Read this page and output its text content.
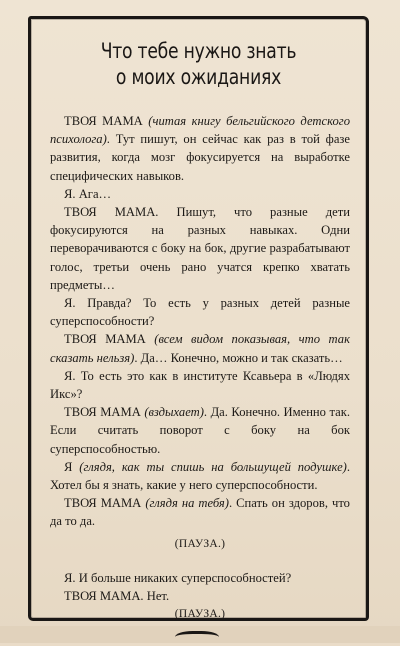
Что тебе нужно знать
о моих ожиданиях

ТВОЯ МАМА (читая книгу бельгийского детского психолога). Тут пишут, он сейчас как раз в той фазе развития, когда мозг фокусируется на выработке специфических навыков.

Я. Ага…

ТВОЯ МАМА. Пишут, что разные дети фокусируются на разных навыках. Одни переворачиваются с боку на бок, другие разрабатывают голос, третьи очень рано учатся крепко хватать предметы…

Я. Правда? То есть у разных детей разные суперспособности?

ТВОЯ МАМА (всем видом показывая, что так сказать нельзя). Да… Конечно, можно и так сказать…

Я. То есть это как в институте Ксавьера в «Людях Икс»?

ТВОЯ МАМА (вздыхает). Да. Конечно. Именно так. Если считать поворот с боку на бок суперспособностью.

Я (глядя, как ты спишь на большущей подушке). Хотел бы я знать, какие у него суперспособности.

ТВОЯ МАМА (глядя на тебя). Спать он здоров, что да то да.

(ПАУЗА.)

Я. И больше никаких суперспособностей?

ТВОЯ МАМА. Нет.

(ПАУЗА.)
